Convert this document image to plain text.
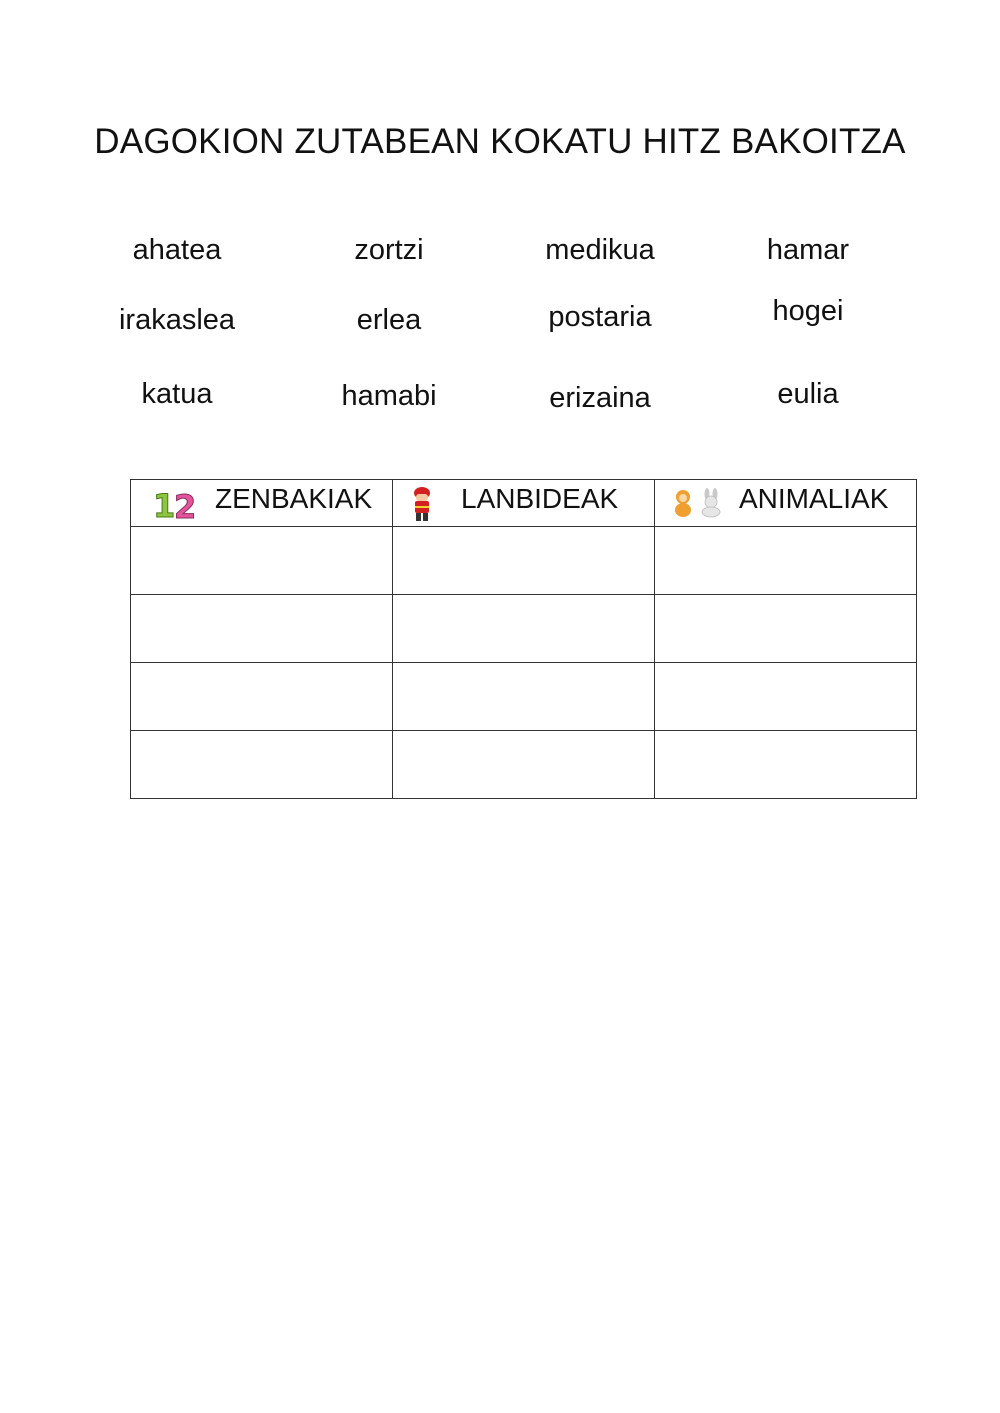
DAGOKION ZUTABEAN KOKATU HITZ BAKOITZA
ahatea	zortzi	medikua	hamar
irakaslea	erlea	postaria	hogei
katua	hamabi	erizaina	eulia
1
2 ZENBAKIAK	LANBIDEAK	ANIMALIAK
